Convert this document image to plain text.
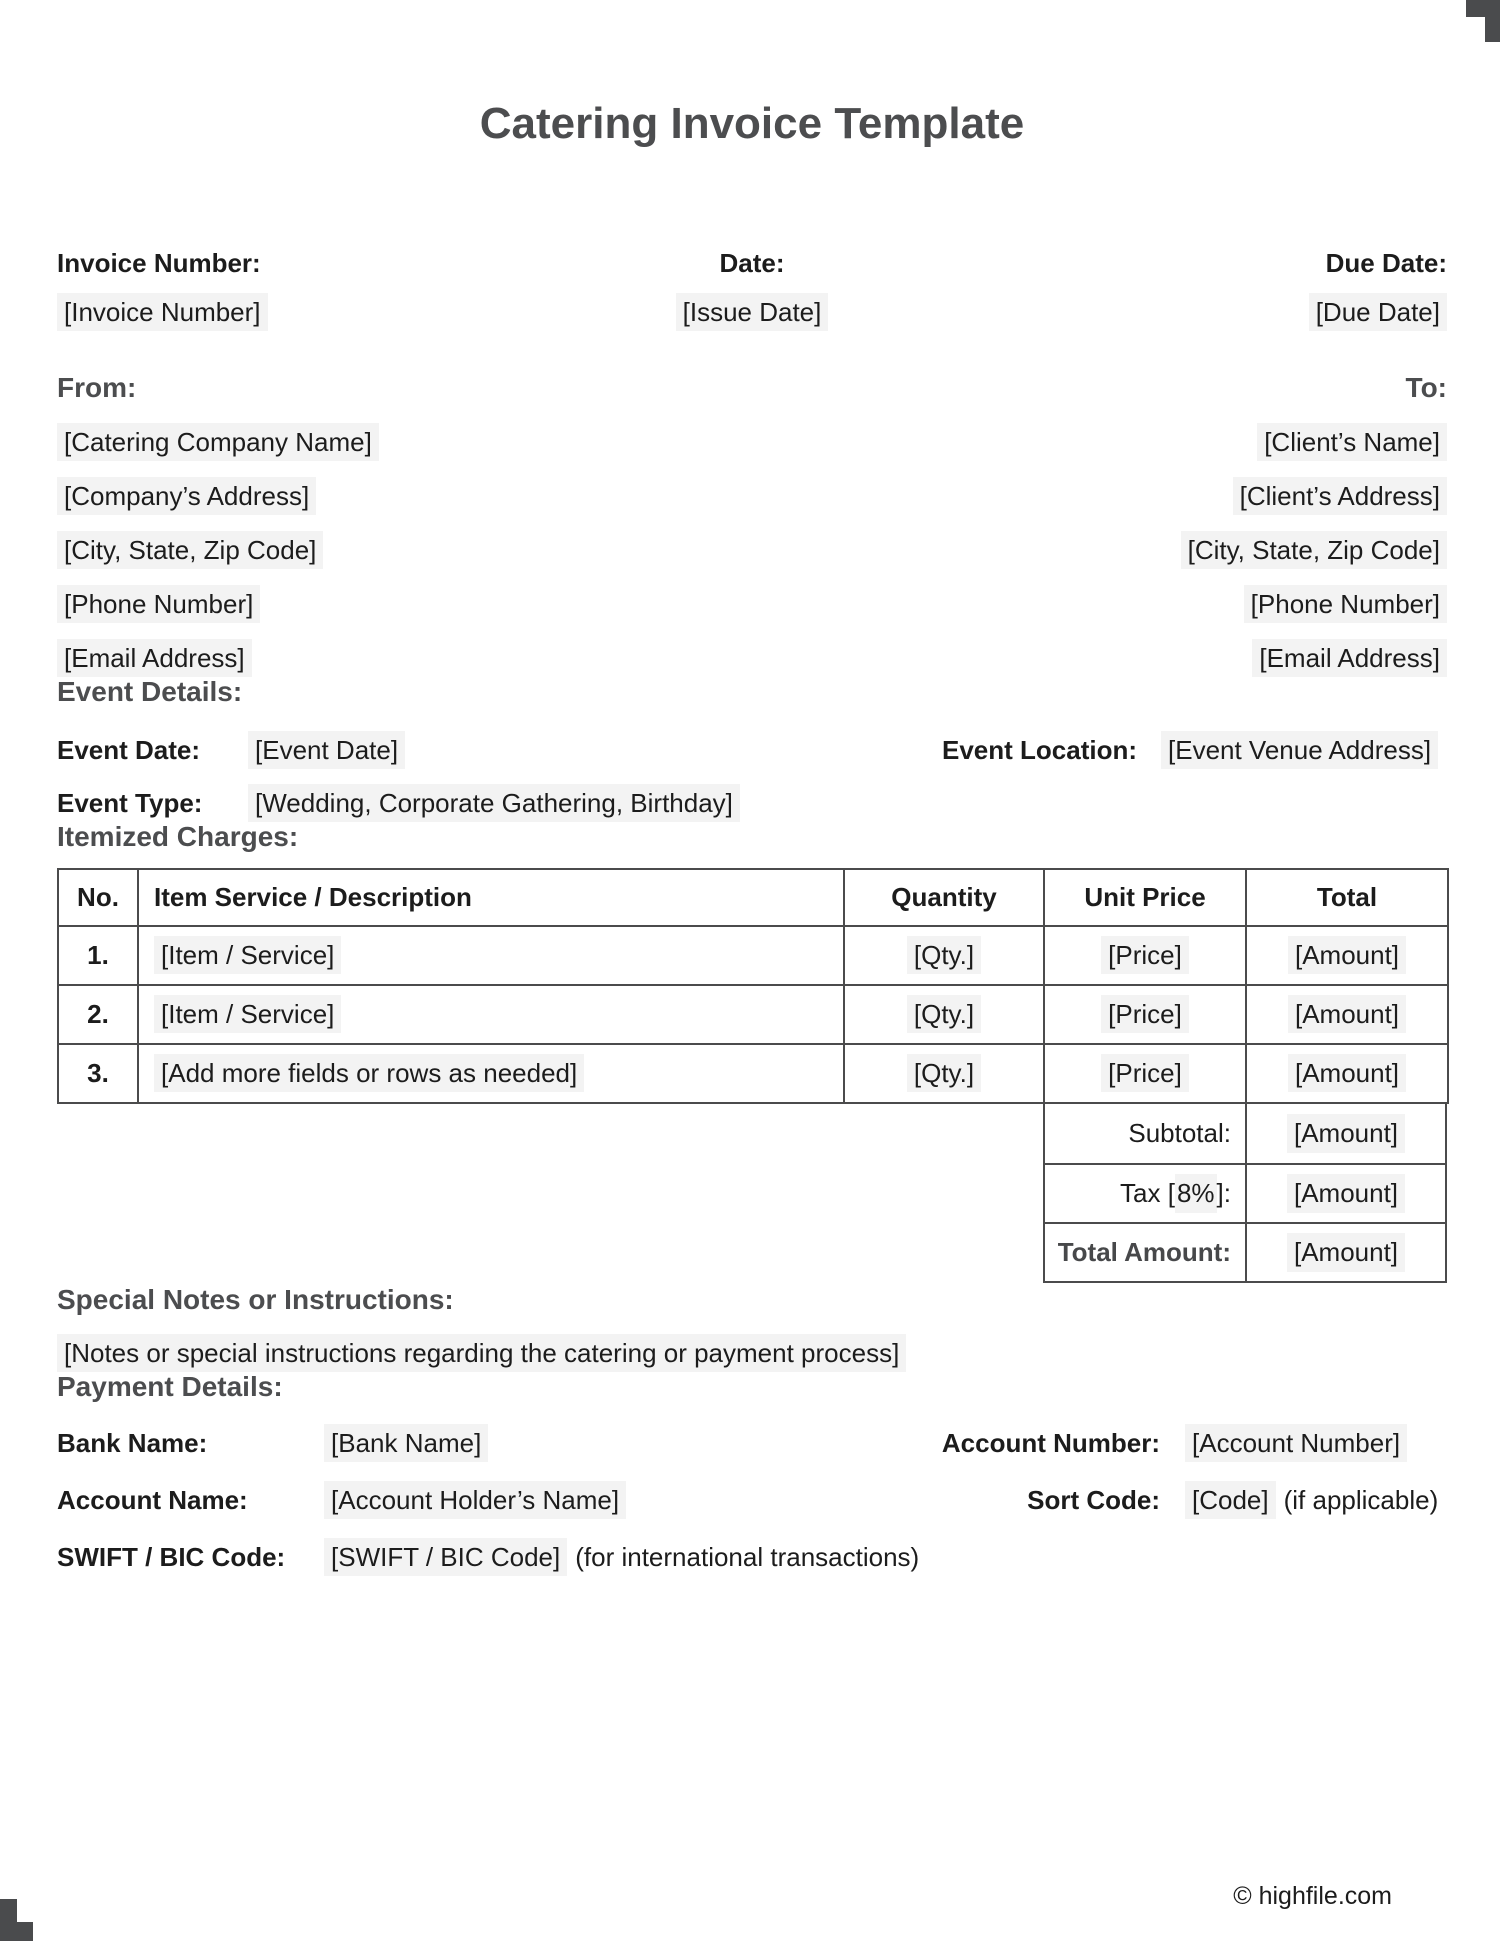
Catering Invoice Template
Invoice Number:	Date:	Due Date:
[Invoice Number]	[Issue Date]	[Due Date]
From:
[Catering Company Name]
[Company’s Address]
[City, State, Zip Code]
[Phone Number]
[Email Address]
To:
[Client’s Name]
[Client’s Address]
[City, State, Zip Code]
[Phone Number]
[Email Address]
Event Details:
Event Date:	[Event Date]	Event Location:	[Event Venue Address]
Event Type:	[Wedding, Corporate Gathering, Birthday]
Itemized Charges:
No.	Item Service / Description	Quantity	Unit Price	Total
1.	[Item / Service]	[Qty.]	[Price]	[Amount]
2.	[Item / Service]	[Qty.]	[Price]	[Amount]
3.	[Add more fields or rows as needed]	[Qty.]	[Price]	[Amount]
Subtotal:	[Amount]
Tax [ 8% ]: [Amount]
Total Amount:	[Amount]
Special Notes or Instructions:
[Notes or special instructions regarding the catering or payment process]
Payment Details:
Bank Name:	[Bank Name]	Account Number:	[Account Number]
Account Name:	[Account Holder’s Name]	Sort Code:	[Code] (if applicable)
SWIFT / BIC Code:	[SWIFT / BIC Code] (for international transactions)
© highfile.com
